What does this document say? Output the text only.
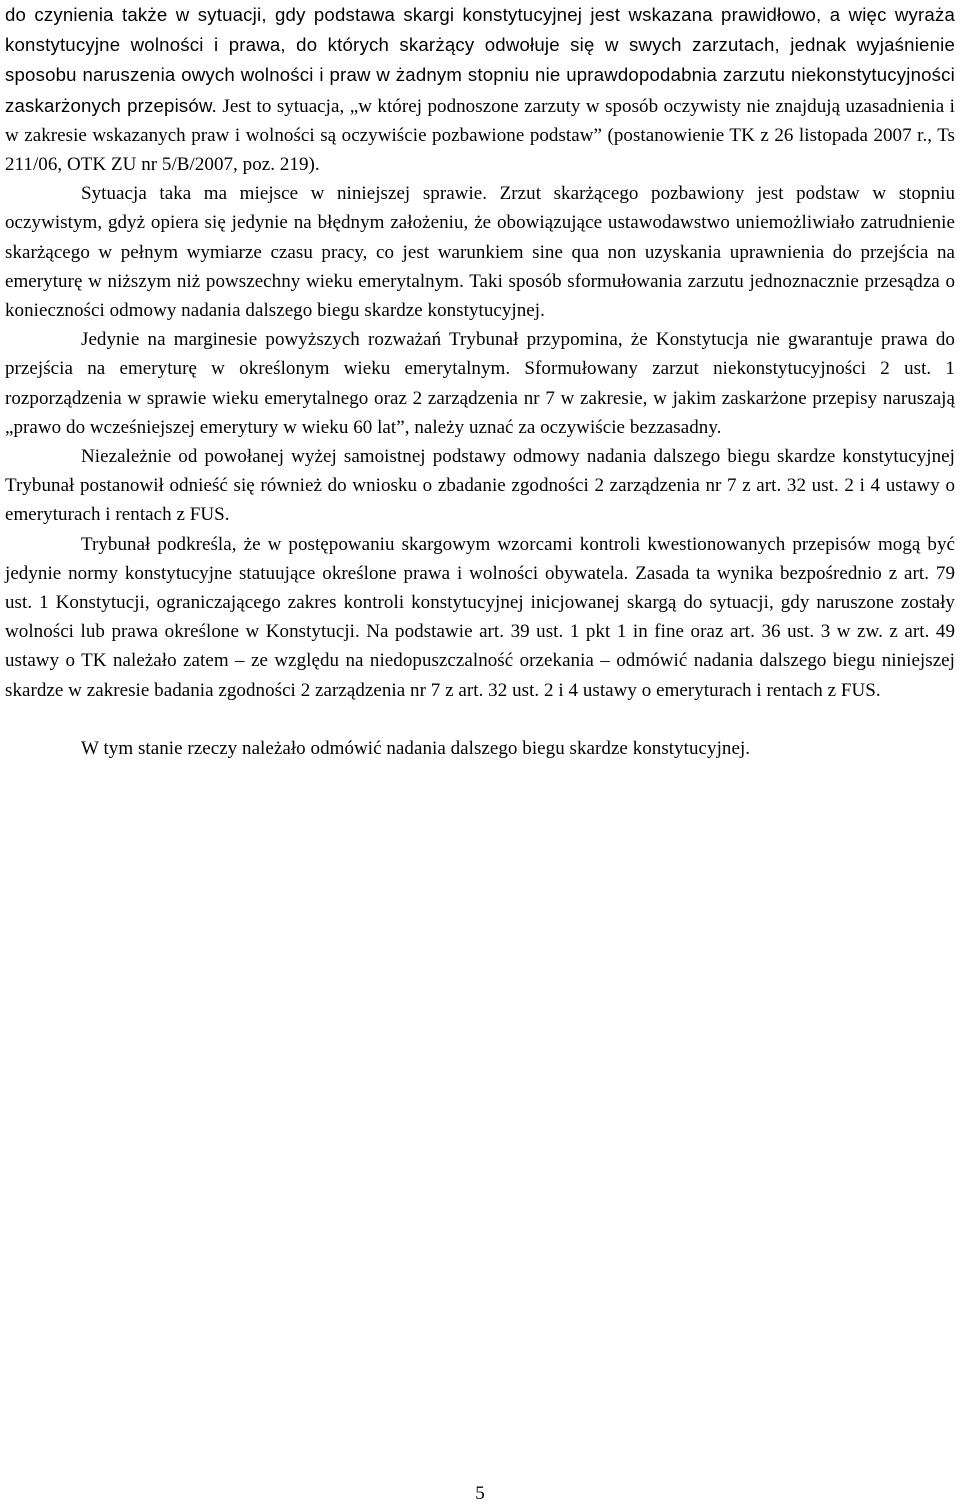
do czynienia także w sytuacji, gdy podstawa skargi konstytucyjnej jest wskazana prawidłowo, a więc wyraża konstytucyjne wolności i prawa, do których skarżący odwołuje się w swych zarzutach, jednak wyjaśnienie sposobu naruszenia owych wolności i praw w żadnym stopniu nie uprawdopodabnia zarzutu niekonstytucyjności zaskarżonych przepisów. Jest to sytuacja, „w której podnoszone zarzuty w sposób oczywisty nie znajdują uzasadnienia i w zakresie wskazanych praw i wolności są oczywiście pozbawione podstaw” (postanowienie TK z 26 listopada 2007 r., Ts 211/06, OTK ZU nr 5/B/2007, poz. 219).

Sytuacja taka ma miejsce w niniejszej sprawie. Zrzut skarżącego pozbawiony jest podstaw w stopniu oczywistym, gdyż opiera się jedynie na błędnym założeniu, że obowiązujące ustawodawstwo uniemożliwiało zatrudnienie skarżącego w pełnym wymiarze czasu pracy, co jest warunkiem sine qua non uzyskania uprawnienia do przejścia na emeryturę w niższym niż powszechny wieku emerytalnym. Taki sposób sformułowania zarzutu jednoznacznie przesądza o konieczności odmowy nadania dalszego biegu skardze konstytucyjnej.

Jedynie na marginesie powyższych rozważań Trybunał przypomina, że Konstytucja nie gwarantuje prawa do przejścia na emeryturę w określonym wieku emerytalnym. Sformułowany zarzut niekonstytucyjności 2 ust. 1 rozporządzenia w sprawie wieku emerytalnego oraz 2 zarządzenia nr 7 w zakresie, w jakim zaskarżone przepisy naruszają „prawo do wcześniejszej emerytury w wieku 60 lat”, należy uznać za oczywiście bezzasadny.

Niezależnie od powołanej wyżej samoistnej podstawy odmowy nadania dalszego biegu skardze konstytucyjnej Trybunał postanowił odnieść się również do wniosku o zbadanie zgodności 2 zarządzenia nr 7 z art. 32 ust. 2 i 4 ustawy o emeryturach i rentach z FUS.

Trybunał podkreśla, że w postępowaniu skargowym wzorcami kontroli kwestionowanych przepisów mogą być jedynie normy konstytucyjne statuujące określone prawa i wolności obywatela. Zasada ta wynika bezpośrednio z art. 79 ust. 1 Konstytucji, ograniczającego zakres kontroli konstytucyjnej inicjowanej skargą do sytuacji, gdy naruszone zostały wolności lub prawa określone w Konstytucji. Na podstawie art. 39 ust. 1 pkt 1 in fine oraz art. 36 ust. 3 w zw. z art. 49 ustawy o TK należało zatem – ze względu na niedopuszczalność orzekania – odmówić nadania dalszego biegu niniejszej skardze w zakresie badania zgodności 2 zarządzenia nr 7 z art. 32 ust. 2 i 4 ustawy o emeryturach i rentach z FUS.

W tym stanie rzeczy należało odmówić nadania dalszego biegu skardze konstytucyjnej.

5
